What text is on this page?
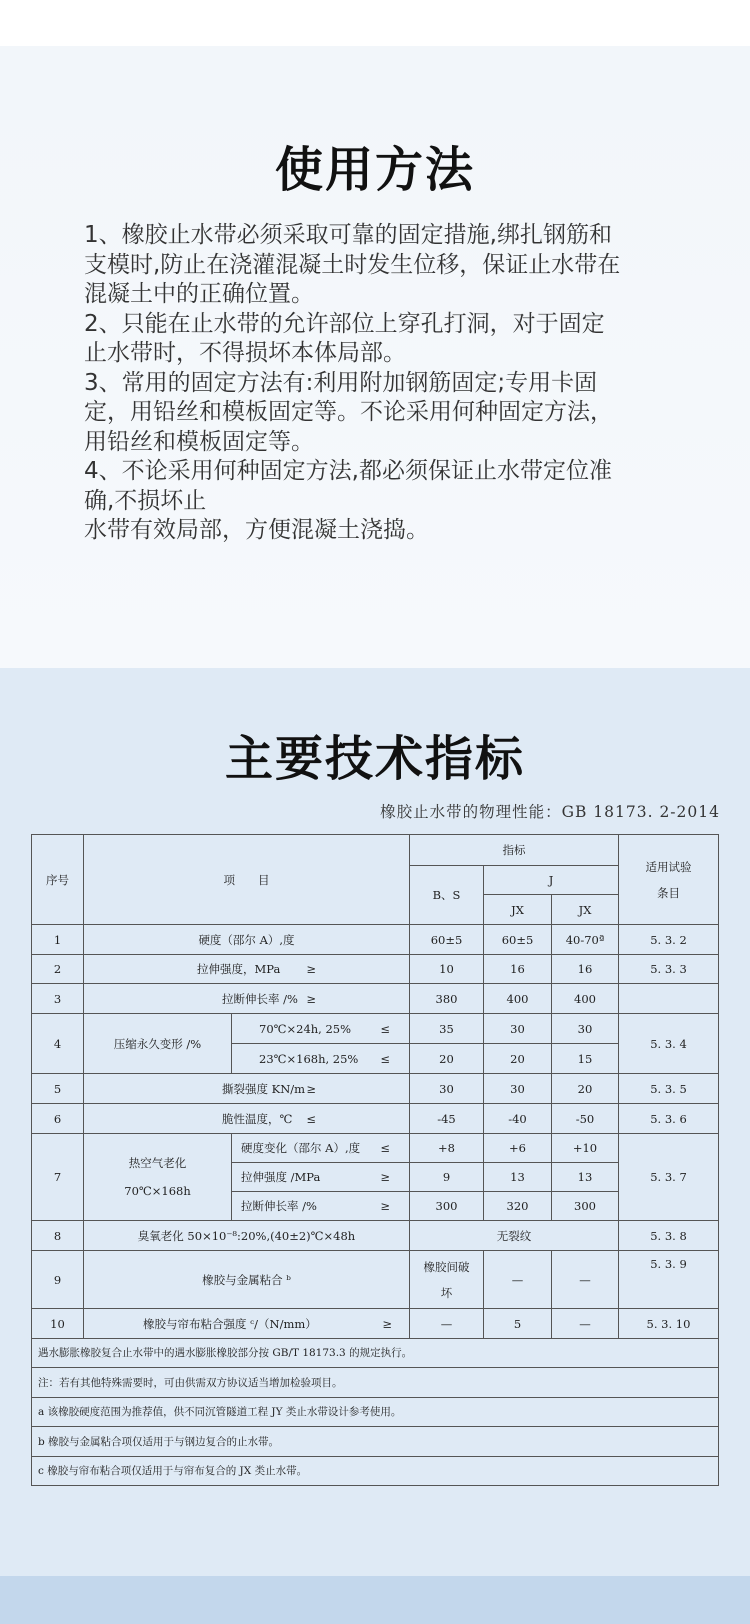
使用方法
1、橡胶止水带必须采取可靠的固定措施,绑扎钢筋和
支模时,防止在浇灌混凝土时发生位移，保证止水带在
混凝土中的正确位置。
2、只能在止水带的允许部位上穿孔打洞，对于固定
止水带时，不得损坏本体局部。
3、常用的固定方法有:利用附加钢筋固定;专用卡固
定，用铅丝和模板固定等。不论采用何种固定方法，
用铅丝和模板固定等。
4、不论采用何种固定方法,都必须保证止水带定位准
确,不损坏止
水带有效局部，方便混凝土浇捣。
主要技术指标
橡胶止水带的物理性能：GB 18173. 2-2014
序号	项　　目		指标			适用试验条目
			B、S	J		
				JX	JX	
1	硬度（邵尔 A）,度		60±5	60±5	40-70ª	5. 3. 2
2	拉伸强度，MPa ≥		10	16	16	5. 3. 3
3	拉断伸长率 /% ≥		380	400	400	
4	压缩永久变形 /%	70℃×24h, 25% ≤	35	30	30	5. 3. 4

		23℃×168h, 25% ≤	20	20	15	
5	撕裂强度 KN/m ≥		30	30	20	5. 3. 5
6	脆性温度，℃ ≤		-45	-40	-50	5. 3. 6
7	热空气老化 70℃×168h	硬度变化（邵尔 A）,度 ≤	+8	+6	+10	5. 3. 7

		拉伸强度 /MPa ≥	9	13	13	

		拉断伸长率 /% ≥	300	320	300	
8	臭氧老化 50×10⁻⁸:20%,(40±2)℃×48h		无裂纹			5. 3. 8
9	橡胶与金属粘合 ᵇ		橡胶间破坏	—	—	5. 3. 9
10	橡胶与帘布粘合强度 ᶜ/（N/mm） ≥		—	5	—	5. 3. 10
遇水膨胀橡胶复合止水带中的遇水膨胀橡胶部分按 GB/T 18173.3 的规定执行。						
注：若有其他特殊需要时，可由供需双方协议适当增加检验项目。						
a 该橡胶硬度范围为推荐值，供不同沉管隧道工程 JY 类止水带设计参考使用。						
b 橡胶与金属粘合项仅适用于与钢边复合的止水带。						
c 橡胶与帘布粘合项仅适用于与帘布复合的 JX 类止水带。						
